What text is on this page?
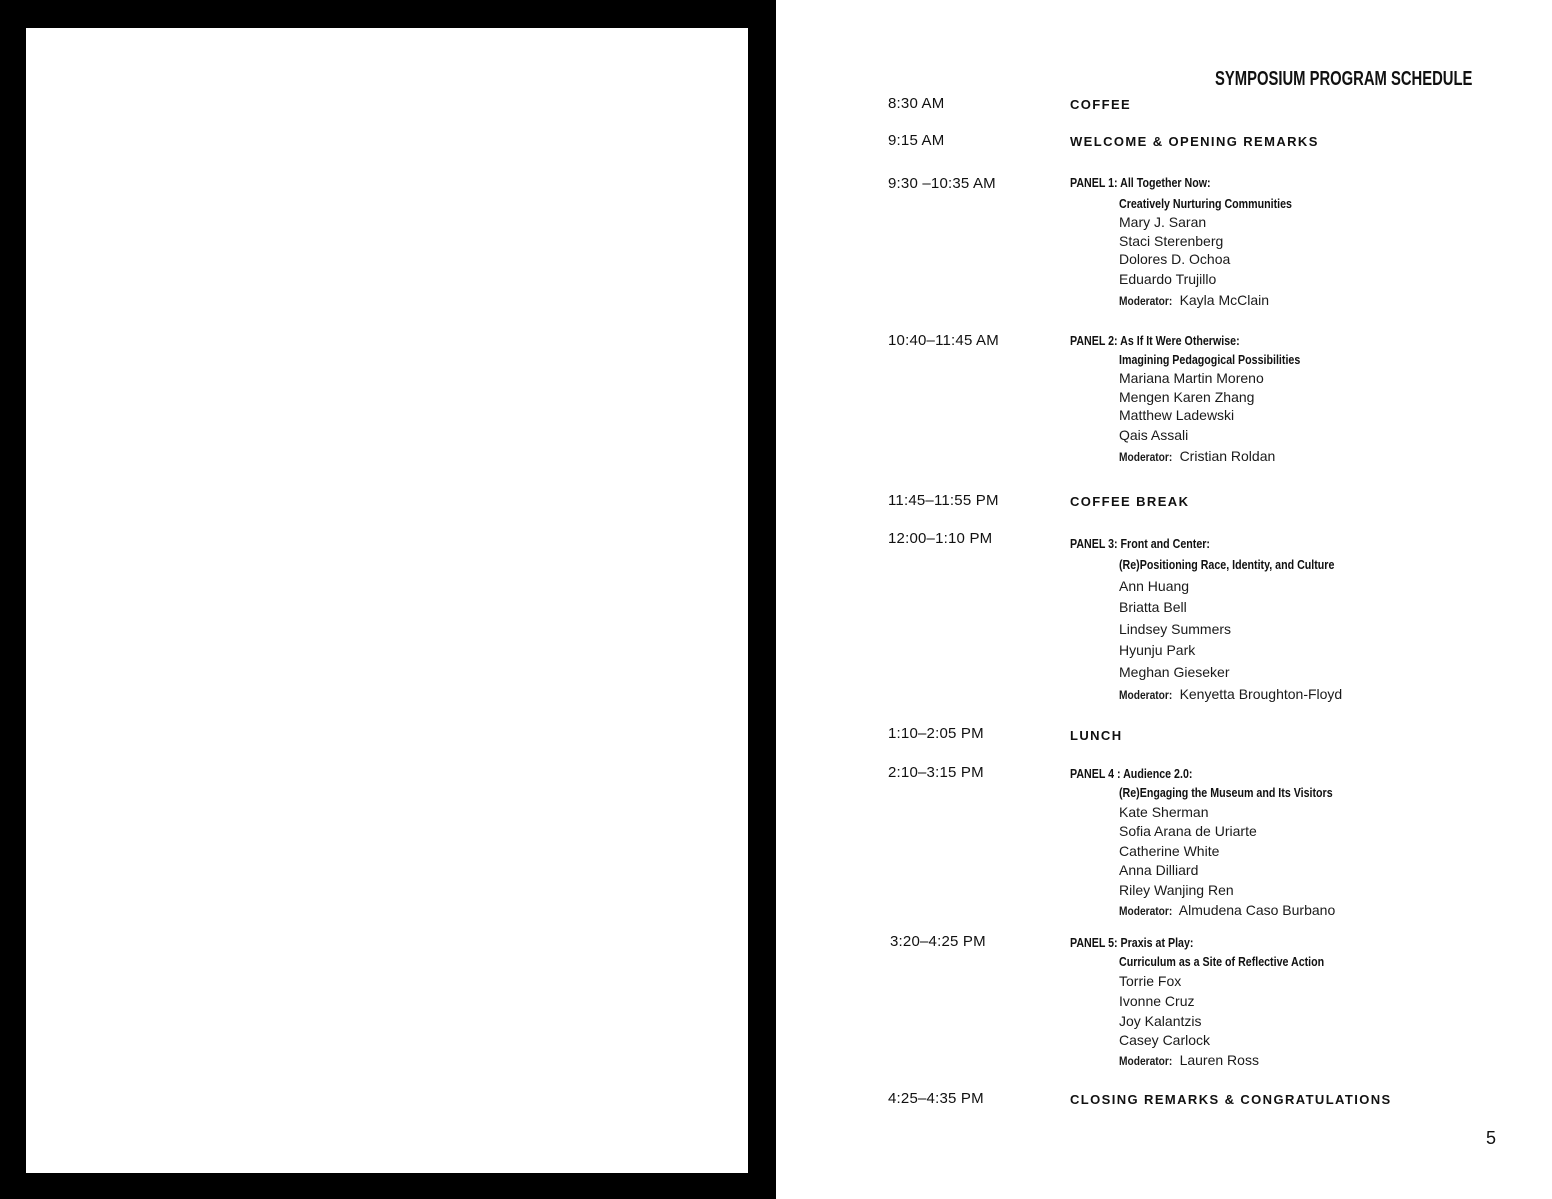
SYMPOSIUM PROGRAM SCHEDULE
8:30 AM	COFFEE
9:15 AM	WELCOME & OPENING REMARKS
9:30 –10:35 AM	PANEL 1: All Together Now:
Creatively Nurturing Communities
Mary J. Saran
Staci Sterenberg
Dolores D. Ochoa
Eduardo Trujillo
Moderator: Kayla McClain
10:40–11:45 AM	PANEL 2: As If It Were Otherwise:
Imagining Pedagogical Possibilities
Mariana Martin Moreno
Mengen Karen Zhang
Matthew Ladewski
Qais Assali
Moderator: Cristian Roldan
11:45–11:55 PM	COFFEE BREAK
12:00–1:10 PM	PANEL 3: Front and Center:
(Re)Positioning Race, Identity, and Culture
Ann Huang
Briatta Bell
Lindsey Summers
Hyunju Park
Meghan Gieseker
Moderator: Kenyetta Broughton-Floyd
1:10–2:05 PM	LUNCH
2:10–3:15 PM	PANEL 4 : Audience 2.0:
(Re)Engaging the Museum and Its Visitors
Kate Sherman
Sofia Arana de Uriarte
Catherine White
Anna Dilliard
Riley Wanjing Ren
Moderator: Almudena Caso Burbano
3:20–4:25 PM	PANEL 5: Praxis at Play:
Curriculum as a Site of Reflective Action
Torrie Fox
Ivonne Cruz
Joy Kalantzis
Casey Carlock
Moderator: Lauren Ross
4:25–4:35 PM	CLOSING REMARKS & CONGRATULATIONS
5
